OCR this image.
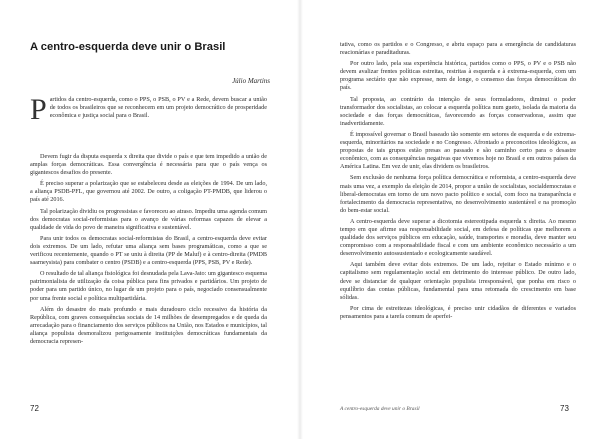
A centro-esquerda deve unir o Brasil
Júlio Martins
Partidos da centro-esquerda, como o PPS, o PSB, o PV e a Rede, devem buscar a união de todos os brasileiros que se reconhecem em um projeto democrático de prosperidade econômica e justiça social para o Brasil.

Devem fugir da disputa esquerda x direita que divide o país e que tem impedido a união de amplas forças democráticas. Essa convergência é necessária para que o país vença os gigantescos desafios do presente.

É preciso superar a polarização que se estabeleceu desde as eleições de 1994. De um lado, a aliança PSDB-PFL, que governou até 2002. De outro, a coligação PT-PMDB, que liderou o país até 2016.

Tal polarização dividiu os progressistas e favoreceu ao atraso. Impediu uma agenda comum dos democratas social-reformistas para o avanço de várias reformas capazes de elevar a qualidade de vida do povo de maneira significativa e sustentável.

Para unir todos os democratas social-reformistas do Brasil, a centro-esquerda deve evitar dois extremos. De um lado, refutar uma aliança sem bases programáticas, como a que se verificou recentemente, quando o PT se uniu à direita (PP de Maluf) e à centro-direita (PMDB saarneysista) para combater o centro (PSDB) e a centro-esquerda (PPS, PSB, PV e Rede).

O resultado de tal aliança fisiológica foi desnudada pela Lava-Jato: um gigantesco esquema patrimonialista de utilização da coisa pública para fins privados e partidários. Um projeto de poder para um partido único, no lugar de um projeto para o país, negociado consensualmente por uma frente social e política multipartidária.

Além do desastre do mais profundo e mais duradouro ciclo recessivo da história da República, com graves consequências sociais de 14 milhões de desempregados e de queda da arrecadação para o financiamento dos serviços públicos na União, nos Estados e municípios, tal aliança populista desmoralizou perigosamente instituições democráticas fundamentais da democracia represen-

72

tativa, como os partidos e o Congresso, e abriu espaço para a emergência de candidaturas reacionárias e paraditaduras.

Por outro lado, pela sua experiência histórica, partidos como o PPS, o PV e o PSB não devem avalizar frentes políticas estreitas, restritas à esquerda e à extrema-esquerda, com um programa sectário que não expresse, nem de longe, o consenso das forças democráticas do país.

Tal proposta, ao contrário da intenção de seus formuladores, diminui o poder transformador dos socialistas, ao colocar a esquerda política num gueto, isolada da maioria da sociedade e das forças democráticas, favorecendo as forças conservadoras, assim que inadvertidamente.

É impossível governar o Brasil baseado tão somente em setores de esquerda e de extrema-esquerda, minoritários na sociedade e no Congresso. Afrontado a preconceitos ideológicos, as propostas de tais grupos estão presas ao passado e são caminho certo para o desastre econômico, com as consequências negativas que vivemos hoje no Brasil e em outros países da América Latina. Em vez de unir, elas dividem os brasileiros.

Sem exclusão de nenhuma força política democrática e reformista, a centro-esquerda deve mais uma vez, a exemplo da eleição de 2014, propor a união de socialistas, socialdemocratas e liberal-democratas em torno de um novo pacto político e social, com foco na transparência e fortalecimento da democracia representativa, no desenvolvimento sustentável e na promoção do bem-estar social.

A centro-esquerda deve superar a dicotomia estereotipada esquerda x direita. Ao mesmo tempo em que afirme sua responsabilidade social, em defesa de políticas que melhorem a qualidade dos serviços públicos em educação, saúde, transportes e moradia, deve manter seu compromisso com a responsabilidade fiscal e com um ambiente econômico necessário a um desenvolvimento autossustentado e ecologicamente saudável.

Aqui também deve evitar dois extremos. De um lado, rejeitar o Estado mínimo e o capitalismo sem regulamentação social em detrimento do interesse público. De outro lado, deve se distanciar de qualquer orientação populista irresponsável, que ponha em risco o equilíbrio das contas públicas, fundamental para uma retomada do crescimento em base sólidas.

Por cima de estreitezas ideológicas, é preciso unir cidadãos de diferentes e variados pensamentos para a tarefa comum de aperfei-

A centro-esquerda deve unir o Brasil	73
